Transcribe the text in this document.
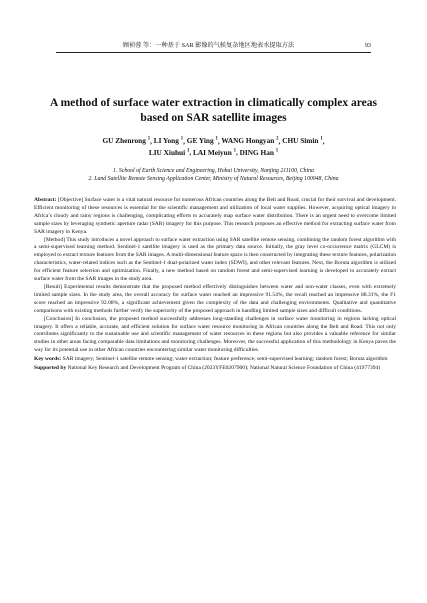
顾祯蓉 等：一种基于 SAR 影像的气候复杂地区地表水提取方法	93
A method of surface water extraction in climatically complex areas based on SAR satellite images
GU Zhenrong $^1$, LI Yong $^1$, GE Ying $^1$, WANG Hongyan $^2$, CHU Simin $^1$,
LIU Xiuhui $^1$, LAI Meiyun $^1$, DING Han $^1$
1. School of Earth Science and Engineering, Hohai University, Nanjing 211100, China
2. Land Satellite Remote Sensing Application Center, Ministry of Natural Resources, Beijing 100048, China

Abstract: [Objective] Surface water is a vital natural resource for numerous African countries along the Belt and Road, crucial for their survival and development. Efficient monitoring of these resources is essential for the scientific management and utilization of local water supplies. However, acquiring optical imagery in Africa’s cloudy and rainy regions is challenging, complicating efforts to accurately map surface water distribution. There is an urgent need to overcome limited sample sizes by leveraging synthetic aperture radar (SAR) imagery for this purpose. This research proposes an effective method for extracting surface water from SAR imagery in Kenya.

[Method] This study introduces a novel approach to surface water extraction using SAR satellite remote sensing, combining the random forest algorithm with a semi-supervised learning method. Sentinel-1 satellite imagery is used as the primary data source. Initially, the gray level co-occurrence matrix (GLCM) is employed to extract texture features from the SAR images. A multi-dimensional feature space is then constructed by integrating these texture features, polarization characteristics, water-related indices such as the Sentinel-1 dual-polarized water index (SDWI), and other relevant features. Next, the Boruta algorithm is utilized for efficient feature selection and optimization. Finally, a new method based on random forest and semi-supervised learning is developed to accurately extract surface water from the SAR images in the study area.

[Result] Experimental results demonstrate that the proposed method effectively distinguishes between water and non-water classes, even with extremely limited sample sizes. In the study area, the overall accuracy for surface water reached an impressive 91.54%, the recall reached an impressive 88.31%, the F1 score reached an impressive 92.08%, a significant achievement given the complexity of the data and challenging environments. Qualitative and quantitative comparisons with existing methods further verify the superiority of the proposed approach in handling limited sample sizes and difficult conditions.

[Conclusion] In conclusion, the proposed method successfully addresses long-standing challenges in surface water monitoring in regions lacking optical imagery. It offers a reliable, accurate, and efficient solution for surface water resource monitoring in African countries along the Belt and Road. This not only contributes significantly to the sustainable use and scientific management of water resources in these regions but also provides a valuable reference for similar studies in other areas facing comparable data limitations and monitoring challenges. Moreover, the successful application of this methodology in Kenya paves the way for its potential use in other African countries encountering similar water monitoring difficulties.

Key words: SAR imagery; Sentinel-1 satellite remote sensing; water extraction; feature preference; semi-supervised learning; random forest; Boruta algorithm

Supported by National Key Research and Development Program of China (2023YFE0207900); National Natural Science Foundation of China (41977394)
